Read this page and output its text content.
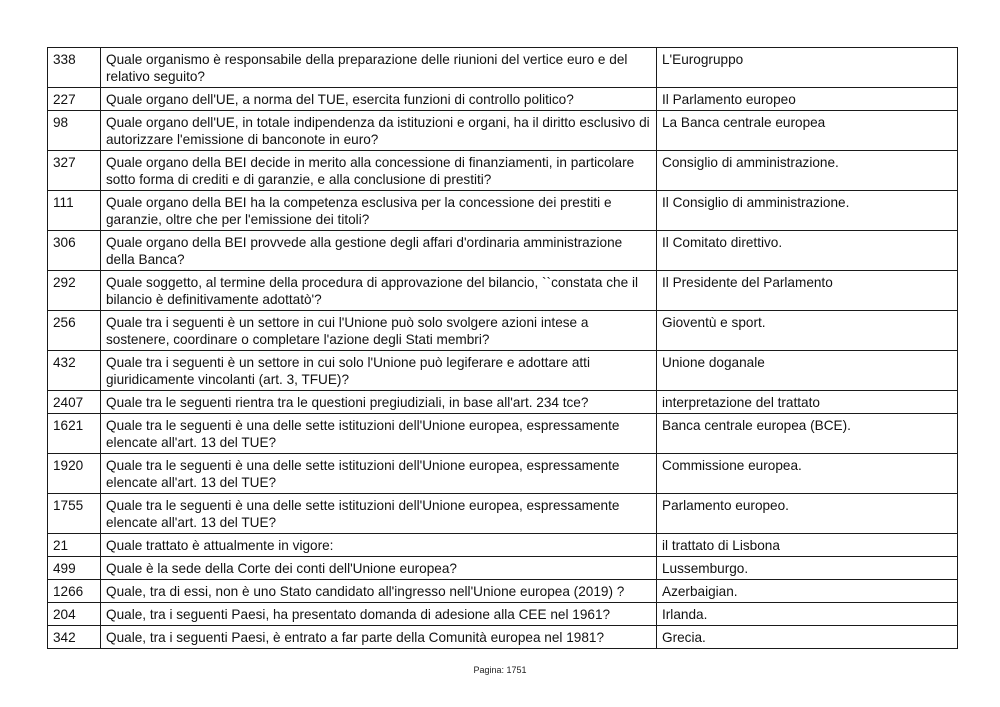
338	Quale organismo è responsabile della preparazione delle riunioni del vertice euro e del relativo seguito?	L'Eurogruppo
227	Quale organo dell'UE, a norma del TUE, esercita funzioni di controllo politico?	Il Parlamento europeo
98	Quale organo dell'UE, in totale indipendenza da istituzioni e organi, ha il diritto esclusivo di autorizzare l'emissione di banconote in euro?	La Banca centrale europea
327	Quale organo della BEI decide in merito alla concessione di finanziamenti, in particolare sotto forma di crediti e di garanzie, e alla conclusione di prestiti?	Consiglio di amministrazione.
111	Quale organo della BEI ha la competenza esclusiva per la concessione dei prestiti e garanzie, oltre che per l'emissione dei titoli?	Il Consiglio di amministrazione.
306	Quale organo della BEI provvede alla gestione degli affari d'ordinaria amministrazione della Banca?	Il Comitato direttivo.
292	Quale soggetto, al termine della procedura di approvazione del bilancio, ``constata che il bilancio è definitivamente adottatò'?	Il Presidente del Parlamento
256	Quale tra i seguenti è un settore in cui l'Unione può solo svolgere azioni intese a sostenere, coordinare o completare l'azione degli Stati membri?	Gioventù e sport.
432	Quale tra i seguenti è un settore in cui solo l'Unione può legiferare e adottare atti giuridicamente vincolanti (art. 3, TFUE)?	Unione doganale
2407	Quale tra le seguenti rientra tra le questioni pregiudiziali, in base all'art. 234 tce?	interpretazione del trattato
1621	Quale tra le seguenti è una delle sette istituzioni dell'Unione europea, espressamente elencate all'art. 13 del TUE?	Banca centrale europea (BCE).
1920	Quale tra le seguenti è una delle sette istituzioni dell'Unione europea, espressamente elencate all'art. 13 del TUE?	Commissione europea.
1755	Quale tra le seguenti è una delle sette istituzioni dell'Unione europea, espressamente elencate all'art. 13 del TUE?	Parlamento europeo.
21	Quale trattato è attualmente in vigore:	il trattato di Lisbona
499	Quale è la sede della Corte dei conti dell'Unione europea?	Lussemburgo.
1266	Quale, tra di essi, non è uno Stato candidato all'ingresso nell'Unione europea (2019) ?	Azerbaigian.
204	Quale, tra i seguenti Paesi, ha presentato domanda di adesione alla CEE nel 1961?	Irlanda.
342	Quale, tra i seguenti Paesi, è entrato a far parte della Comunità europea nel 1981?	Grecia.
Pagina: 1751
